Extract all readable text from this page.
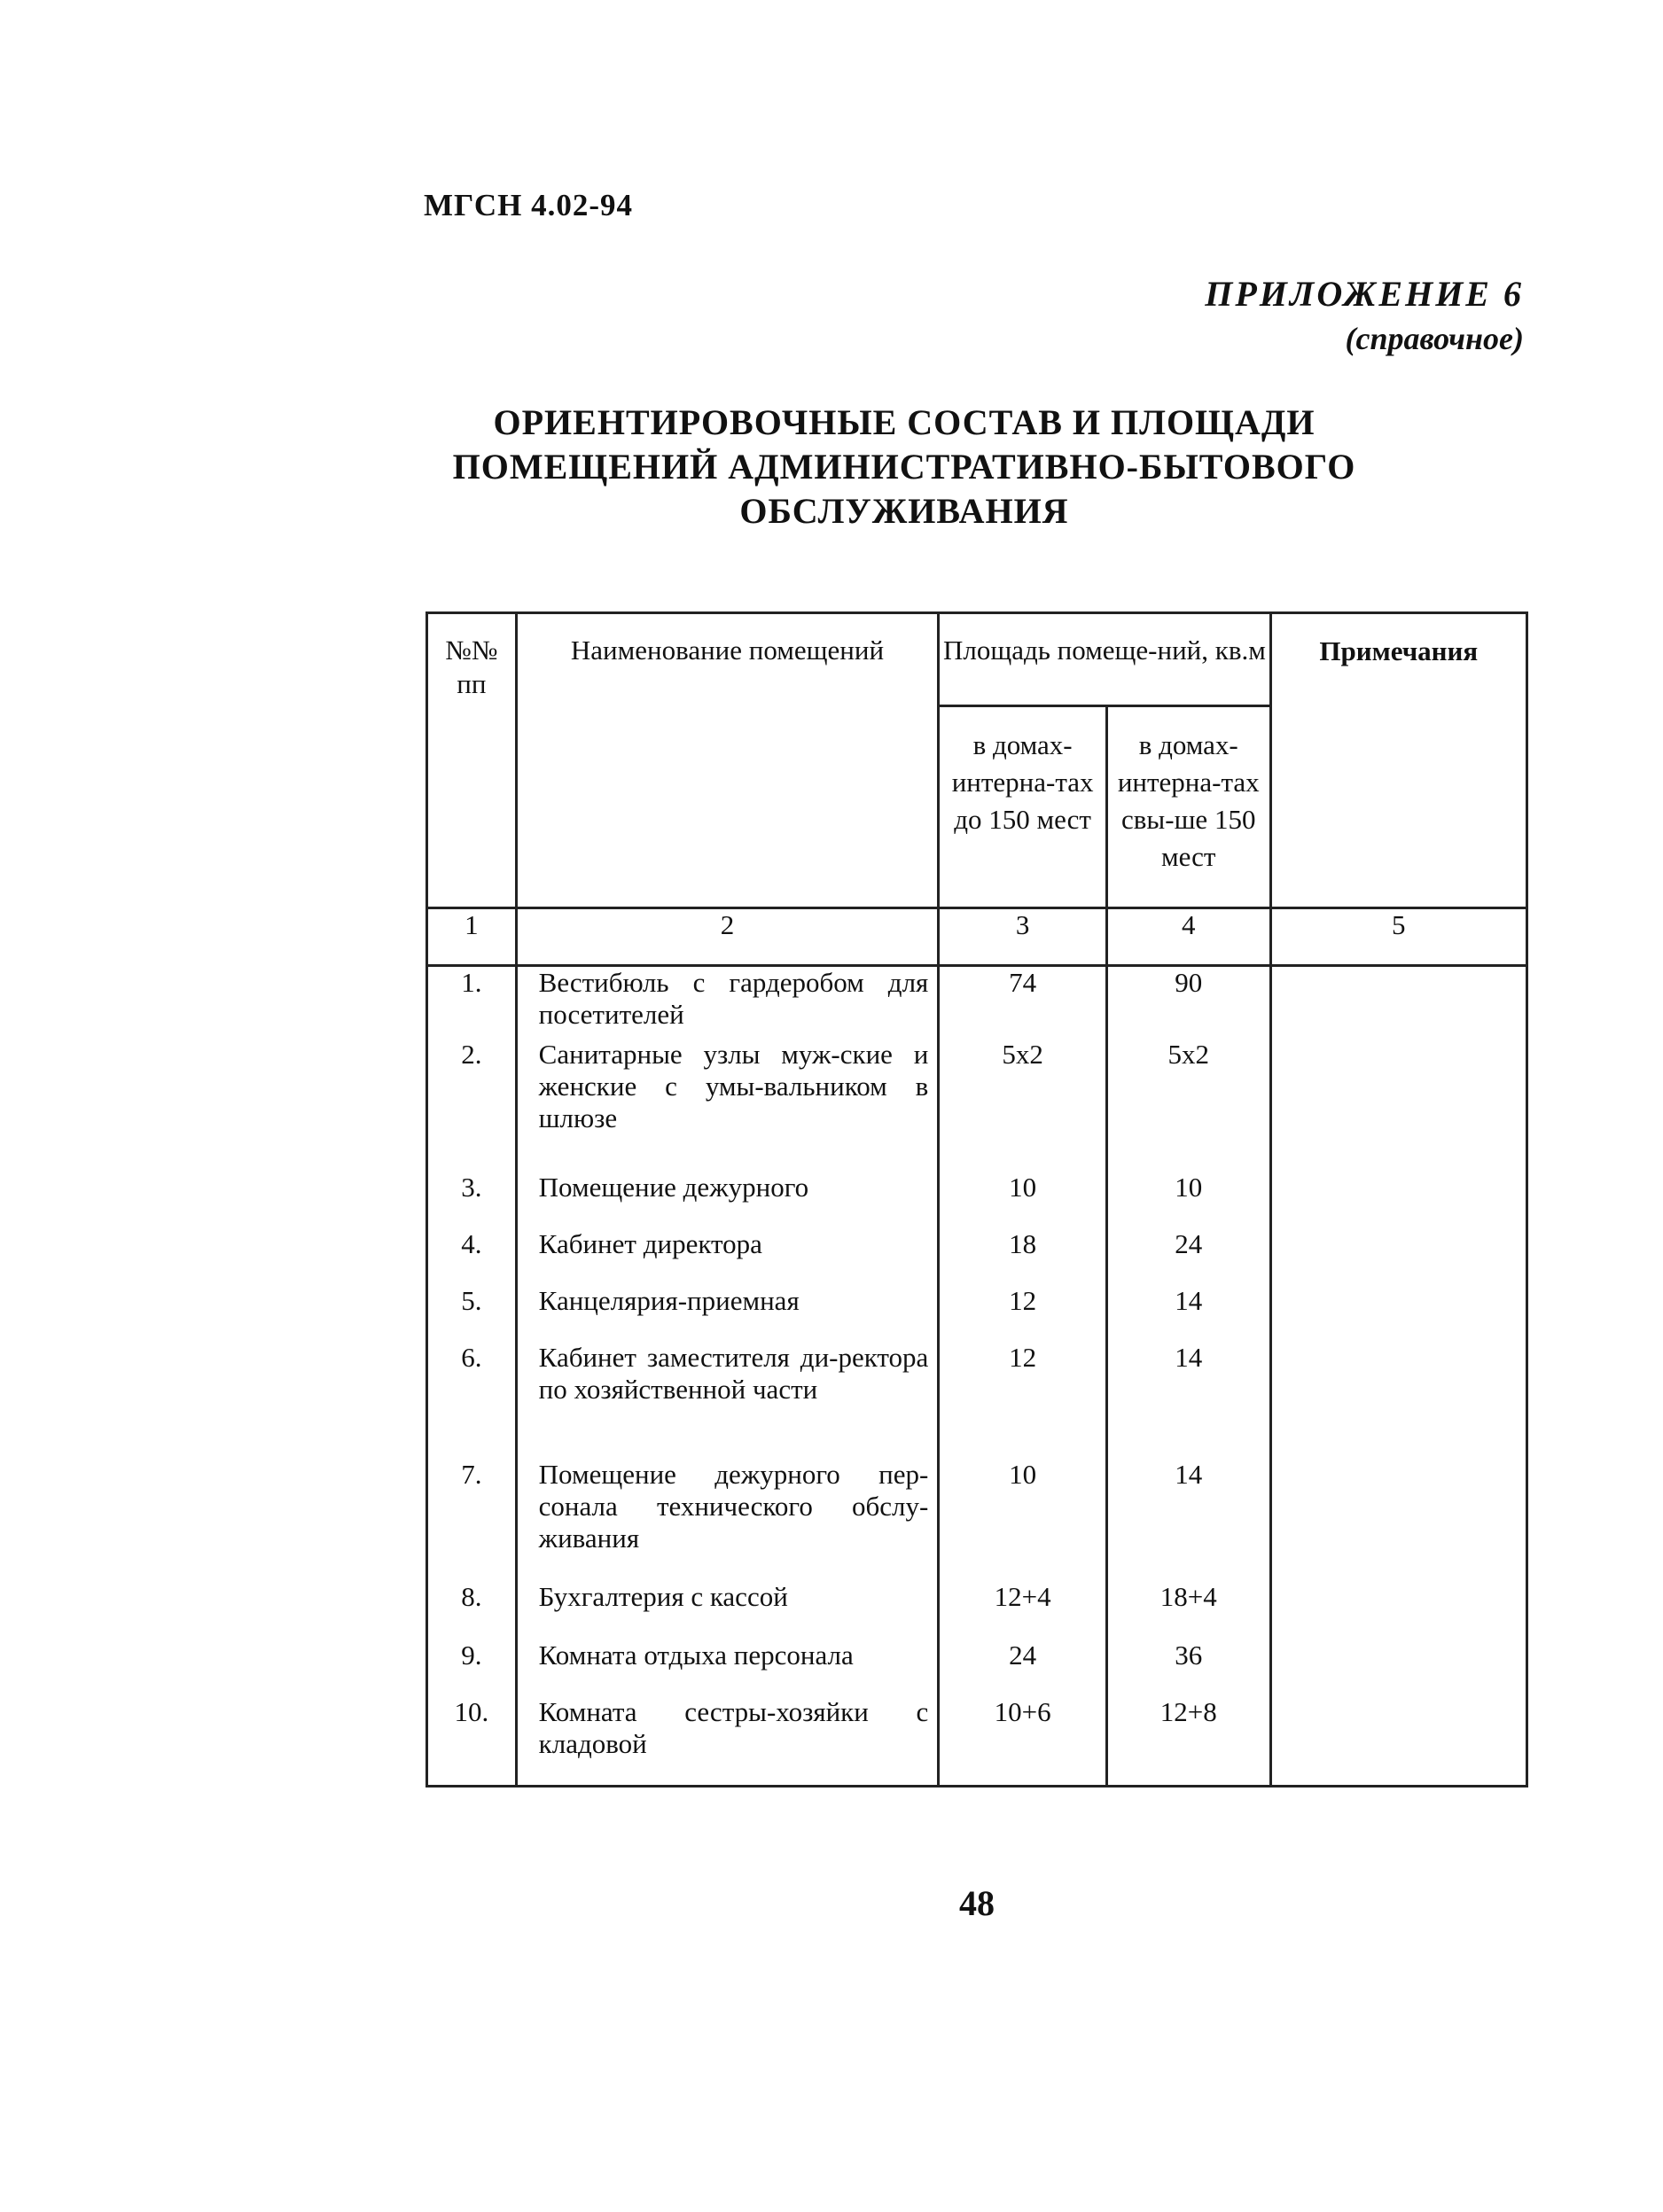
МГСН 4.02-94
ПРИЛОЖЕНИЕ 6
(справочное)
ОРИЕНТИРОВОЧНЫЕ СОСТАВ И ПЛОЩАДИ
ПОМЕЩЕНИЙ АДМИНИСТРАТИВНО-БЫТОВОГО
ОБСЛУЖИВАНИЯ
№№ пп	Наименование помещений	Площадь помеще-ний, кв.м		Примечания
		в домах-интерна-тах до 150 мест	в домах-интерна-тах свы-ше 150 мест	
1	2	3	4	5
1.	Вестибюль с гардеробом для посетителей	74	90	
2.	Санитарные узлы муж-ские и женские с умы-вальником в шлюзе	5х2	5х2	
3.	Помещение дежурного	10	10	
4.	Кабинет директора	18	24	
5.	Канцелярия-приемная	12	14	
6.	Кабинет заместителя ди-ректора по хозяйственной части	12	14	
7.	Помещение дежурного пер-сонала технического обслу-живания	10	14	
8.	Бухгалтерия с кассой	12+4	18+4	
9.	Комната отдыха персонала	24	36	
10.	Комната сестры-хозяйки с кладовой	10+6	12+8	
48
